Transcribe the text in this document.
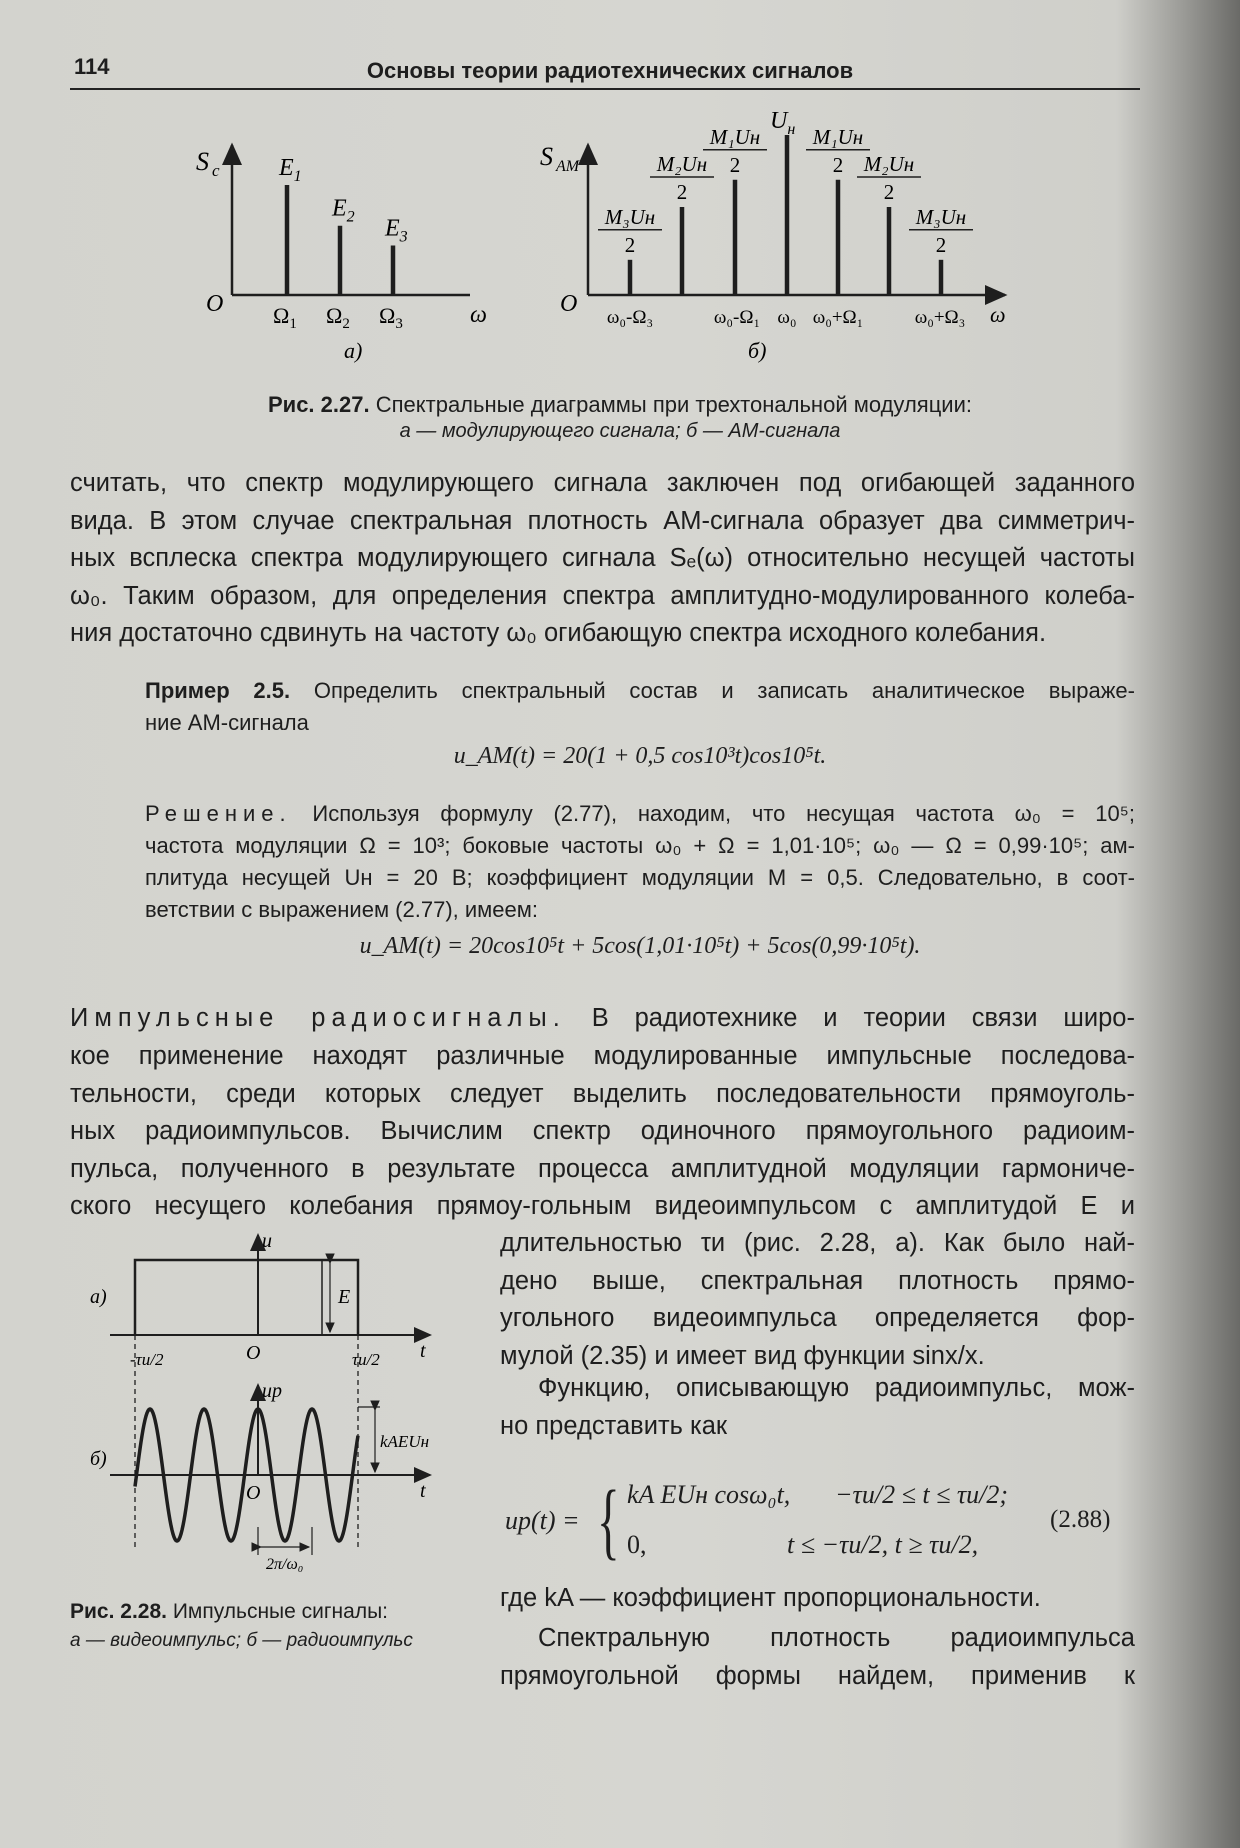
114	Основы теории радиотехнических сигналов
S с
O	ω
а)
$E_1$
$\Omega_1$
$E_2$
$\Omega_2$
$E_3$
$\Omega_3$
S AM
O	ω
б)
$U_н$
M₃Uн
2
M₂Uн
2
M₁Uн
2
M₁Uн
2 M₂Uн
2
M₃Uн
2
ω₀-Ω₃	ω₀-Ω₁ ω₀ ω₀+Ω₁	ω₀+Ω₃
Рис. 2.27. Спектральные диаграммы при трехтональной модуляции:
а — модулирующего сигнала; б — АМ-сигнала
считать, что спектр модулирующего сигнала заключен под огибающей заданного
вида. В этом случае спектральная плотность АМ-сигнала образует два симметрич-
ных всплеска спектра модулирующего сигнала Sₑ(ω) относительно несущей частоты
ω₀. Таким образом, для определения спектра амплитудно-модулированного колеба-
ния достаточно сдвинуть на частоту ω₀ огибающую спектра исходного колебания.
Пример 2.5. Определить спектральный состав и записать аналитическое выраже-
ние АМ-сигнала
u_AM(t) = 20(1 + 0,5 cos10³t)cos10⁵t.
Решение. Используя формулу (2.77), находим, что несущая частота ω₀ = 10⁵;
частота модуляции Ω = 10³; боковые частоты ω₀ + Ω = 1,01·10⁵; ω₀ — Ω = 0,99·10⁵; ам-
плитуда несущей Uн = 20 В; коэффициент модуляции M = 0,5. Следовательно, в соот-
ветствии с выражением (2.77), имеем:
u_AM(t) = 20cos10⁵t + 5cos(1,01·10⁵t) + 5cos(0,99·10⁵t).
Импульсные радиосигналы. В радиотехнике и теории связи широ-
кое применение находят различные модулированные импульсные последова-
тельности, среди которых следует выделить последовательности прямоуголь-
ных радиоимпульсов. Вычислим спектр одиночного прямоугольного радиоим-
пульса, полученного в результате процесса амплитудной модуляции гармониче-
ского несущего колебания прямоу-гольным видеоимпульсом с амплитудой E и
длительностью τи (рис. 2.28, а). Как было най-
дено выше, спектральная плотность прямо-
угольного видеоимпульса определяется фор-
мулой (2.35) и имеет вид функции sinx/x.
Функцию, описывающую радиоимпульс, мож-
но представить как
uр(t) = { kA EUн cosω₀t, −τи/2 ≤ t ≤ τи/2;
0,	t ≤ −τи/2, t ≥ τи/2,
(2.88)
где kA — коэффициент пропорциональности.
Спектральную плотность радиоимпульса
прямоугольной формы найдем, применив к
u
а)	E
O	t
-τи/2	τи/2
uр
б)
kAEUн
O	t
2π/ω₀
Рис. 2.28. Импульсные сигналы:
а — видеоимпульс; б — радиоимпульс
